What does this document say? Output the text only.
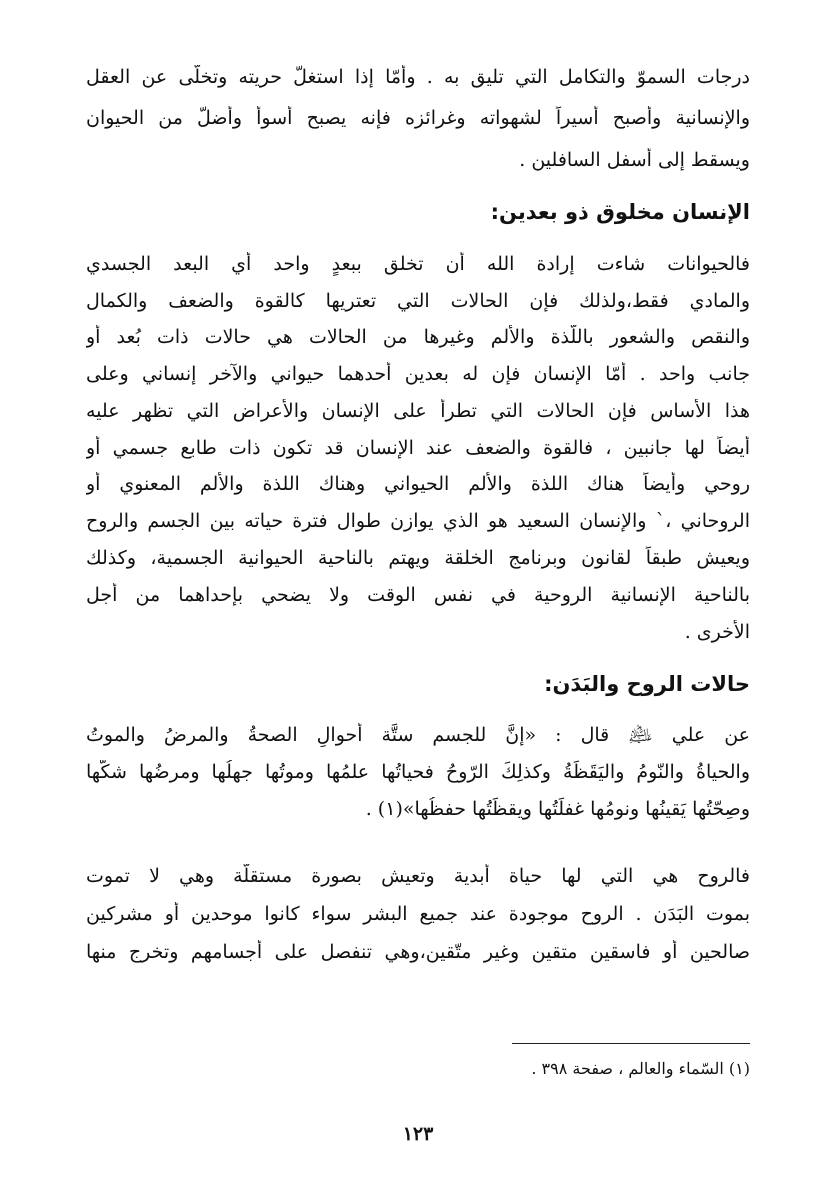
درجات السموّ والتكامل التي تليق به . وأمّا إذا استغلّ حريته وتخلّى عن العقل
والإنسانية وأصبح أسيراً لشهواته وغرائزه فإنه يصبح أسوأ وأضلّ من الحيوان
ويسقط إلى أسفل السافلين .
الإنسان مخلوق ذو بعدين:
فالحيوانات شاءت إرادة الله أن تخلق ببعدٍ واحد أي البعد الجسدي
والمادي فقط،ولذلك فإن الحالات التي تعتريها كالقوة والضعف والكمال
والنقص والشعور باللّذة والألم وغيرها من الحالات هي حالات ذات بُعد أو
جانب واحد . أمّا الإنسان فإن له بعدين أحدهما حيواني والآخر إنساني وعلى
هذا الأساس فإن الحالات التي تطرأ على الإنسان والأعراض التي تظهر عليه
أيضاً لها جانبين ، فالقوة والضعف عند الإنسان قد تكون ذات طابع جسمي أو
روحي وأيضاً هناك اللذة والألم الحيواني وهناك اللذة والألم المعنوي أو
الروحاني ،` والإنسان السعيد هو الذي يوازن طوال فترة حياته بين الجسم والروح
ويعيش طبقاً لقانون وبرنامج الخلقة ويهتم بالناحية الحيوانية الجسمية، وكذلك
بالناحية الإنسانية الروحية في نفس الوقت ولا يضحي بإحداهما من أجل
الأخرى .
حالات الروح والبَدَن:
عن علي ﵇ قال : «إنَّ للجسم ستَّة أحوالٍ الصحةُ والمرضُ والموتُ
والحياةُ والنّومُ واليَقَظَةُ وكذلِكَ الرّوحُ فحياتُها علمُها وموتُها جهلُها ومرضُها شكُّها
وصِحّتُها يَقينُها ونومُها غفلَتُها ويقظَتُها حفظُها»(١) .
فالروح هي التي لها حياة أبدية وتعيش بصورة مستقلّة وهي لا تموت
بموت البَدَن . الروح موجودة عند جميع البشر سواء كانوا موحدين أو مشركين
صالحين أو فاسقين متقين وغير متّقين،وهي تنفصل على أجسامهم وتخرج منها
(١) السّماء والعالم ، صفحة ٣٩٨ .
١٢٣
